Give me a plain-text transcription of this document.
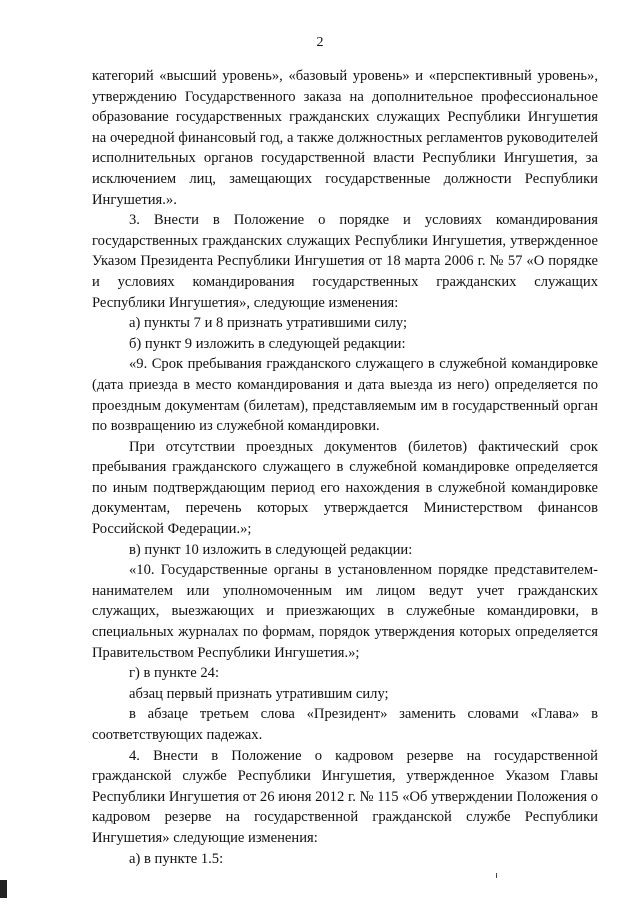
2

категорий «высший уровень», «базовый уровень» и «перспективный уровень», утверждению Государственного заказа на дополнительное профессиональное образование государственных гражданских служащих Республики Ингушетия на очередной финансовый год, а также должностных регламентов руководителей исполнительных органов государственной власти Республики Ингушетия, за исключением лиц, замещающих государственные должности Республики Ингушетия.».

3. Внести в Положение о порядке и условиях командирования государственных гражданских служащих Республики Ингушетия, утвержденное Указом Президента Республики Ингушетия от 18 марта 2006 г. № 57 «О порядке и условиях командирования государственных гражданских служащих Республики Ингушетия», следующие изменения:

а) пункты 7 и 8 признать утратившими силу;

б) пункт 9 изложить в следующей редакции:

«9. Срок пребывания гражданского служащего в служебной командировке (дата приезда в место командирования и дата выезда из него) определяется по проездным документам (билетам), представляемым им в государственный орган по возвращению из служебной командировки.

При отсутствии проездных документов (билетов) фактический срок пребывания гражданского служащего в служебной командировке определяется по иным подтверждающим период его нахождения в служебной командировке документам, перечень которых утверждается Министерством финансов Российской Федерации.»;

в) пункт 10 изложить в следующей редакции:

«10. Государственные органы в установленном порядке представителем-нанимателем или уполномоченным им лицом ведут учет гражданских служащих, выезжающих и приезжающих в служебные командировки, в специальных журналах по формам, порядок утверждения которых определяется Правительством Республики Ингушетия.»;

г) в пункте 24:

абзац первый признать утратившим силу;

в абзаце третьем слова «Президент» заменить словами «Глава» в соответствующих падежах.

4. Внести в Положение о кадровом резерве на государственной гражданской службе Республики Ингушетия, утвержденное Указом Главы Республики Ингушетия от 26 июня 2012 г. № 115 «Об утверждении Положения о кадровом резерве на государственной гражданской службе Республики Ингушетия» следующие изменения:

а) в пункте 1.5:
